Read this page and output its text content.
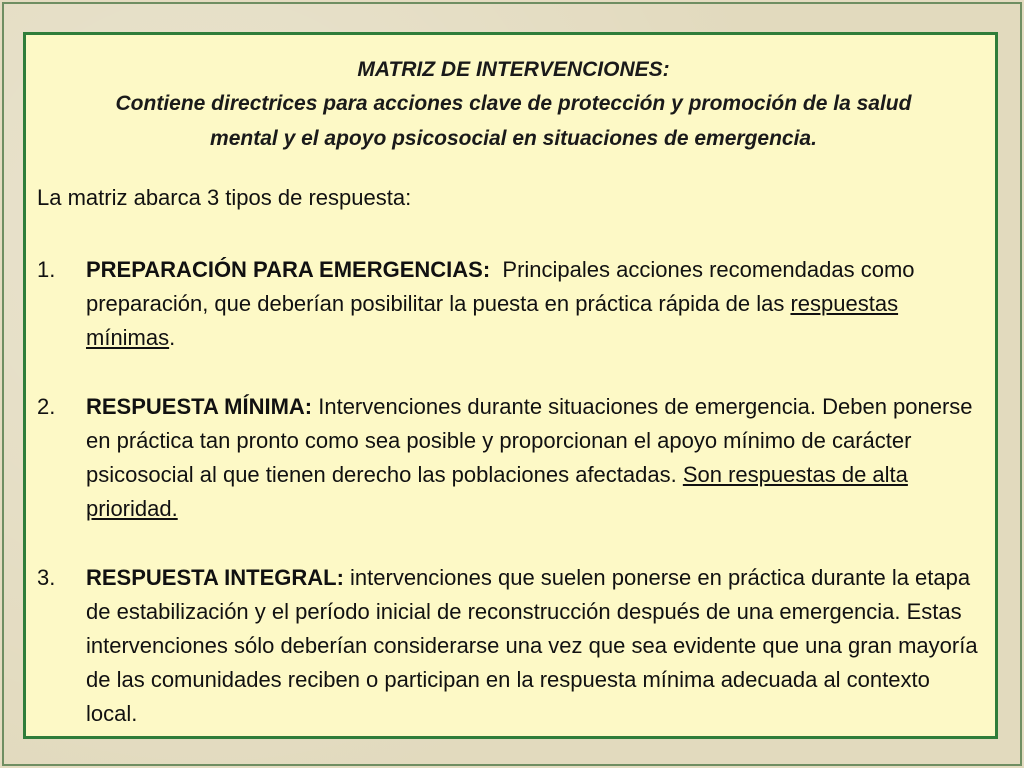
MATRIZ DE INTERVENCIONES:
Contiene directrices para acciones clave de protección y promoción de la salud
mental y el apoyo psicosocial en situaciones de emergencia.
La matriz abarca 3 tipos de respuesta:
1. PREPARACIÓN PARA EMERGENCIAS:  Principales acciones recomendadas como preparación, que deberían posibilitar la puesta en práctica rápida de las respuestas mínimas.
2. RESPUESTA MÍNIMA: Intervenciones durante situaciones de emergencia. Deben ponerse en práctica tan pronto como sea posible y proporcionan el apoyo mínimo de carácter psicosocial al que tienen derecho las poblaciones afectadas. Son respuestas de alta prioridad.
3. RESPUESTA INTEGRAL: intervenciones que suelen ponerse en práctica durante la etapa de estabilización y el período inicial de reconstrucción después de una emergencia. Estas intervenciones sólo deberían considerarse una vez que sea evidente que una gran mayoría de las comunidades reciben o participan en la respuesta mínima adecuada al contexto local.
